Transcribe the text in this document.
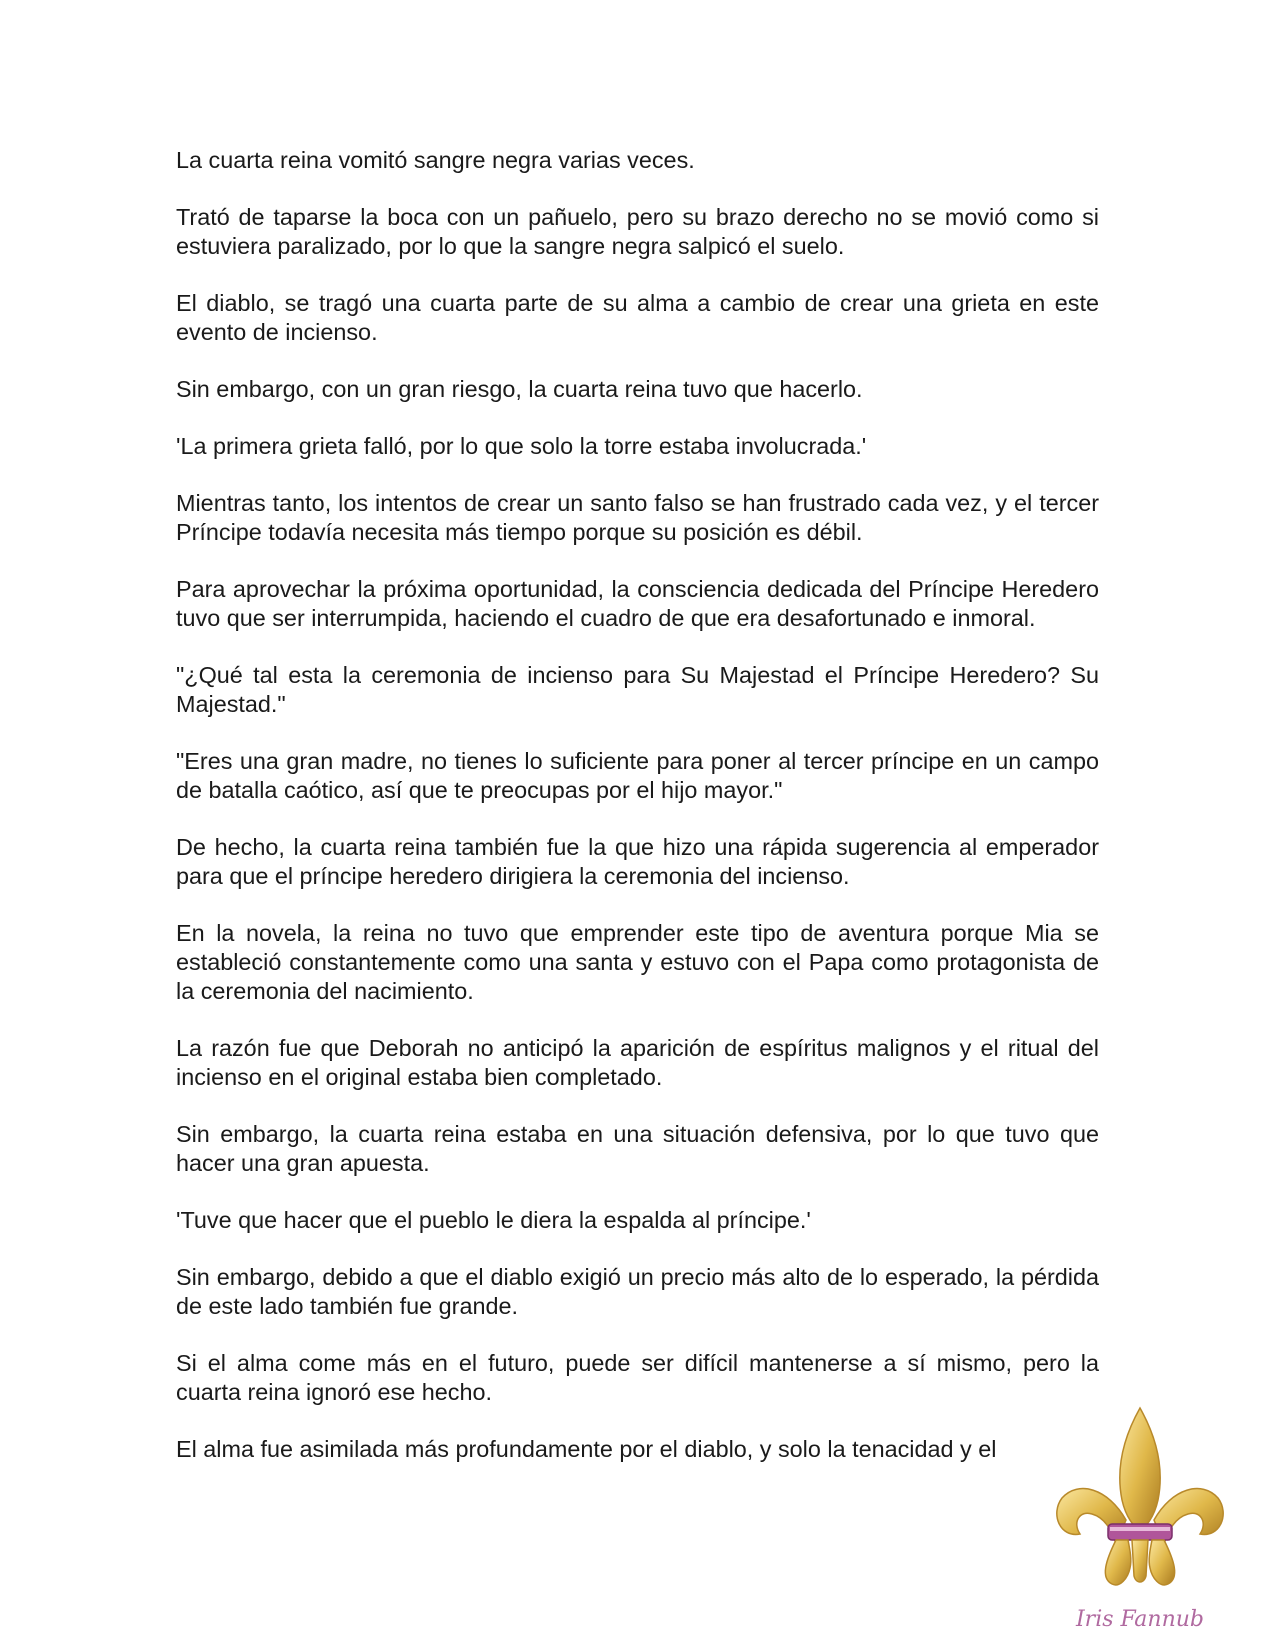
La cuarta reina vomitó sangre negra varias veces.

Trató de taparse la boca con un pañuelo, pero su brazo derecho no se movió como si estuviera paralizado, por lo que la sangre negra salpicó el suelo.

El diablo, se tragó una cuarta parte de su alma a cambio de crear una grieta en este evento de incienso.

Sin embargo, con un gran riesgo, la cuarta reina tuvo que hacerlo.

'La primera grieta falló, por lo que solo la torre estaba involucrada.'

Mientras tanto, los intentos de crear un santo falso se han frustrado cada vez, y el tercer Príncipe todavía necesita más tiempo porque su posición es débil.

Para aprovechar la próxima oportunidad, la consciencia dedicada del Príncipe Heredero tuvo que ser interrumpida, haciendo el cuadro de que era desafortunado e inmoral.

"¿Qué tal esta la ceremonia de incienso para Su Majestad el Príncipe Heredero? Su Majestad."

"Eres una gran madre, no tienes lo suficiente para poner al tercer príncipe en un campo de batalla caótico, así que te preocupas por el hijo mayor."

De hecho, la cuarta reina también fue la que hizo una rápida sugerencia al emperador para que el príncipe heredero dirigiera la ceremonia del incienso.

En la novela, la reina no tuvo que emprender este tipo de aventura porque Mia se estableció constantemente como una santa y estuvo con el Papa como protagonista de la ceremonia del nacimiento.

La razón fue que Deborah no anticipó la aparición de espíritus malignos y el ritual del incienso en el original estaba bien completado.

Sin embargo, la cuarta reina estaba en una situación defensiva, por lo que tuvo que hacer una gran apuesta.

'Tuve que hacer que el pueblo le diera la espalda al príncipe.'

Sin embargo, debido a que el diablo exigió un precio más alto de lo esperado, la pérdida de este lado también fue grande.

Si el alma come más en el futuro, puede ser difícil mantenerse a sí mismo, pero la cuarta reina ignoró ese hecho.

El alma fue asimilada más profundamente por el diablo, y solo la tenacidad y el

Iris Fannub
